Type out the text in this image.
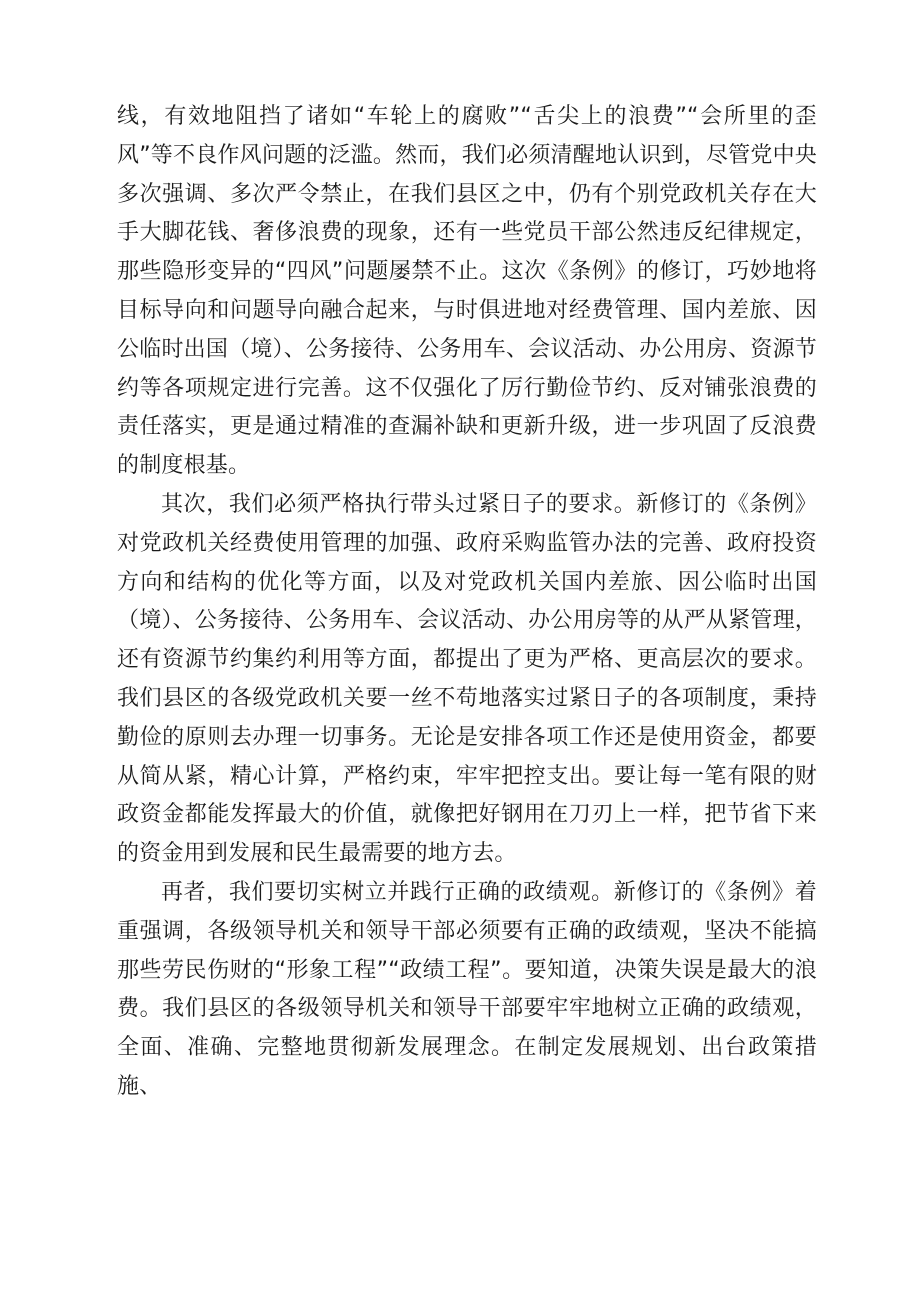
线，有效地阻挡了诸如“车轮上的腐败”“舌尖上的浪费”“会所里的歪风”等不良作风问题的泛滥。然而，我们必须清醒地认识到，尽管党中央多次强调、多次严令禁止，在我们县区之中，仍有个别党政机关存在大手大脚花钱、奢侈浪费的现象，还有一些党员干部公然违反纪律规定，那些隐形变异的“四风”问题屡禁不止。这次《条例》的修订，巧妙地将目标导向和问题导向融合起来，与时俱进地对经费管理、国内差旅、因公临时出国（境）、公务接待、公务用车、会议活动、办公用房、资源节约等各项规定进行完善。这不仅强化了厉行勤俭节约、反对铺张浪费的责任落实，更是通过精准的查漏补缺和更新升级，进一步巩固了反浪费的制度根基。

其次，我们必须严格执行带头过紧日子的要求。新修订的《条例》对党政机关经费使用管理的加强、政府采购监管办法的完善、政府投资方向和结构的优化等方面，以及对党政机关国内差旅、因公临时出国（境）、公务接待、公务用车、会议活动、办公用房等的从严从紧管理，还有资源节约集约利用等方面，都提出了更为严格、更高层次的要求。我们县区的各级党政机关要一丝不苟地落实过紧日子的各项制度，秉持勤俭的原则去办理一切事务。无论是安排各项工作还是使用资金，都要从简从紧，精心计算，严格约束，牢牢把控支出。要让每一笔有限的财政资金都能发挥最大的价值，就像把好钢用在刀刃上一样，把节省下来的资金用到发展和民生最需要的地方去。

再者，我们要切实树立并践行正确的政绩观。新修订的《条例》着重强调，各级领导机关和领导干部必须要有正确的政绩观，坚决不能搞那些劳民伤财的“形象工程”“政绩工程”。要知道，决策失误是最大的浪费。我们县区的各级领导机关和领导干部要牢牢地树立正确的政绩观，全面、准确、完整地贯彻新发展理念。在制定发展规划、出台政策措施、
